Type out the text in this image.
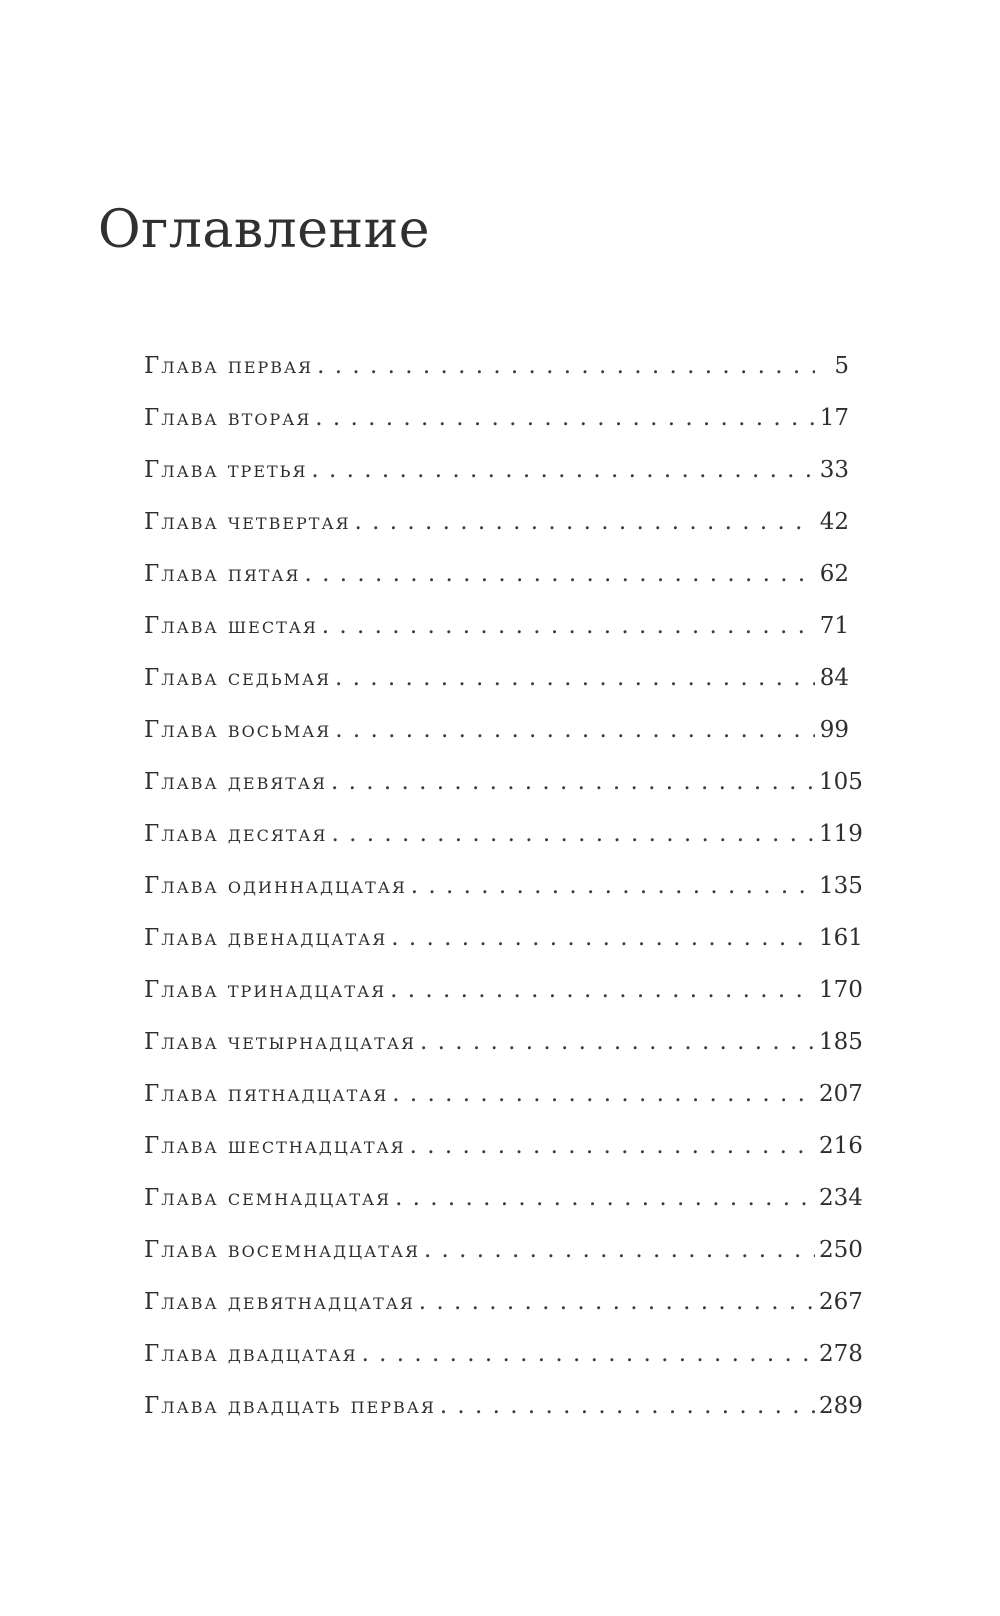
Оглавление
Глава первая . . .	5
Глава вторая . . .	17
Глава третья . . .	33
Глава четвертая . . .	42
Глава пятая . . .	62
Глава шестая . . .	71
Глава седьмая . . .	84
Глава восьмая . . .	99
Глава девятая . . .	105
Глава десятая . . .	119
Глава одиннадцатая . . .	135
Глава двенадцатая . . .	161
Глава тринадцатая . . .	170
Глава четырнадцатая . . .	185
Глава пятнадцатая . . .	207
Глава шестнадцатая . . .	216
Глава семнадцатая . . .	234
Глава восемнадцатая . . .	250
Глава девятнадцатая . . .	267
Глава двадцатая . . .	278
Глава двадцать первая . . .	289
